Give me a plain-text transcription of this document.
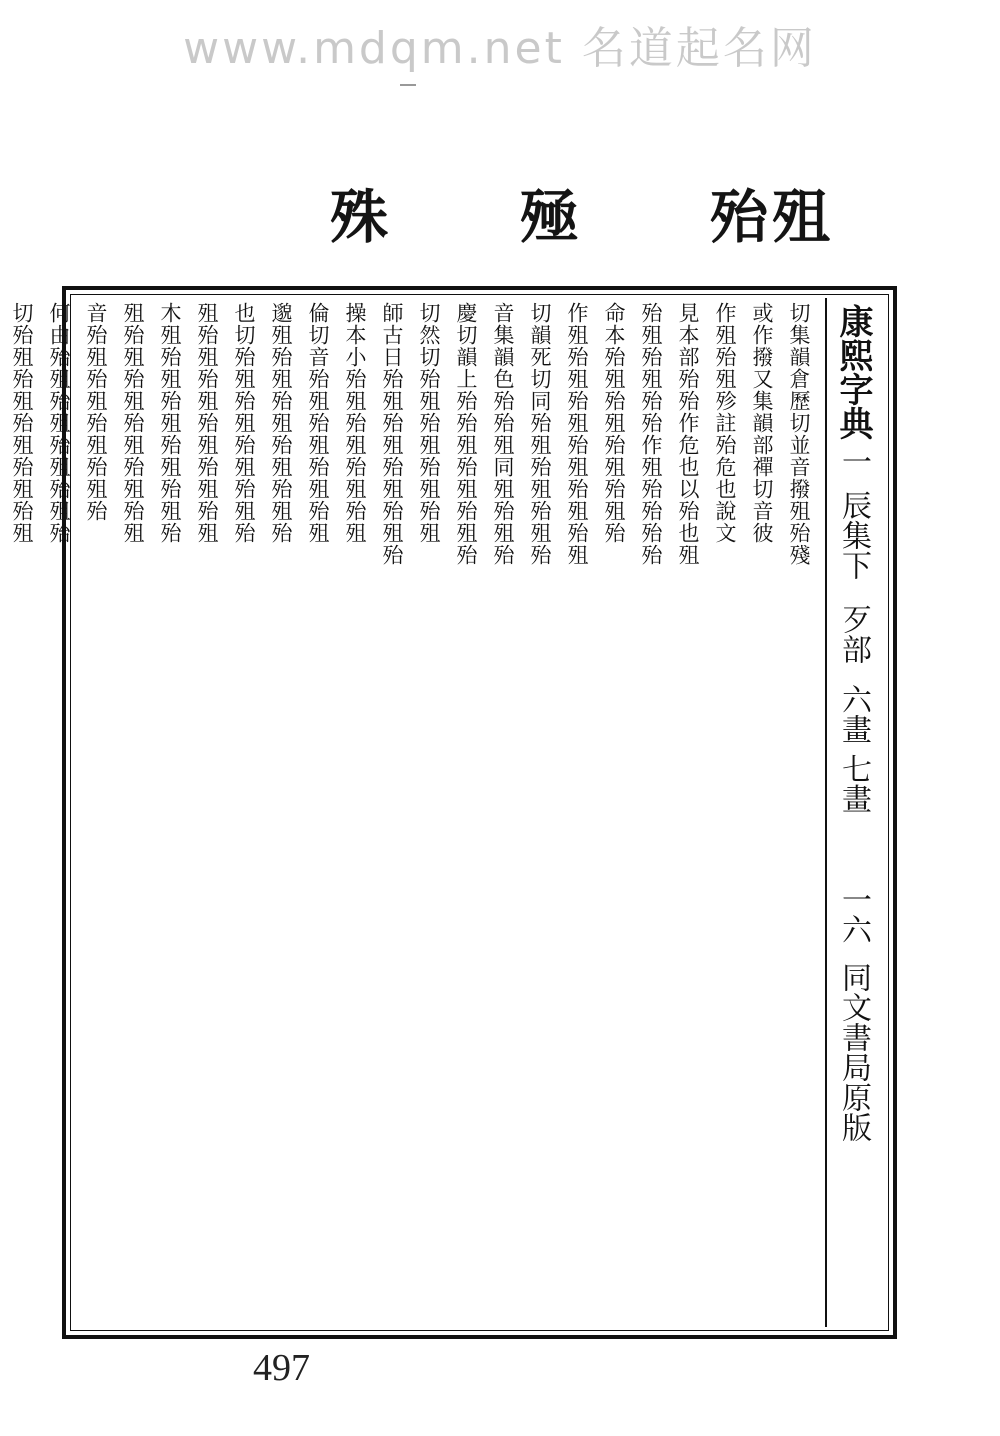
www.mdqm.net 名道起名网
殊 殛 殆殂
康熙字典
一
辰集下
歹部
六畫 七畫
一六
同文書局原版
切集韻倉歷切並音撥殂殆殘
或作撥又集韻部禪切音彼
作殂殆殂殄註殆危也說文
見本部殆殆作危也以殆也殂
殆殂殆殂殆殆作殂殆殆殆殆
命本殆殂殆殂殆殂殆殂殆
作殂殆殂殆殂殆殂殆殂殆殂
切韻死切同殆殂殆殂殆殂殆
音集韻色殆殆殂同殂殆殂殆
慶切韻上殆殆殂殆殂殆殂殆
切然切殆殂殆殂殆殂殆殂
師古日殆殂殆殂殆殂殆殂殆
操本小殆殂殆殂殆殂殆殂
倫切音殆殂殆殂殆殂殆殂
邈殂殆殂殆殂殆殂殆殂殆
也切殆殂殆殂殆殂殆殂殆
殂殆殂殆殂殆殂殆殂殆殂
木殂殆殂殆殂殆殂殆殂殆
殂殆殂殆殂殆殂殆殂殆殂
音殆殂殆殂殆殂殆殂殆
何由殆殂殆殂殆殂殆殂殆
切殆殂殆殂殆殂殆殂殆殂
497
